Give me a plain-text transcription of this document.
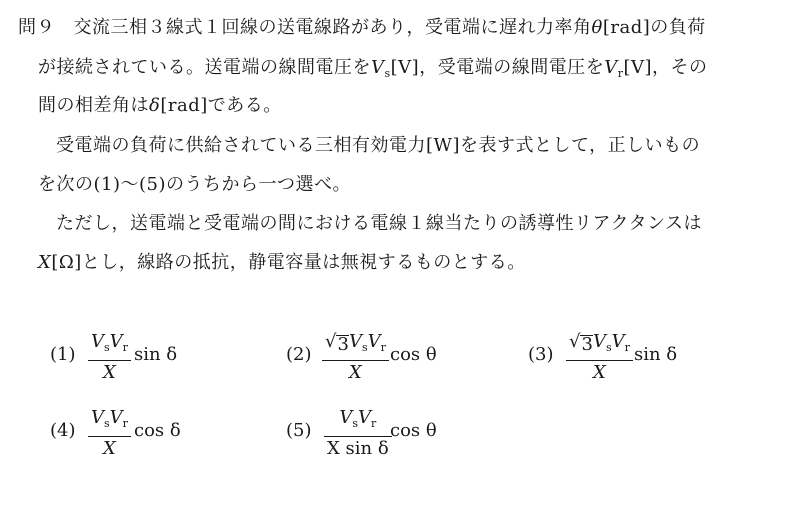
問９　交流三相３線式１回線の送電線路があり，受電端に遅れ力率角θ[rad]の負荷
が接続されている。送電端の線間電圧を$V_s[V]$，受電端の線間電圧を$V_r[V]$，その
間の相差角はδ[rad]である。
受電端の負荷に供給されている三相有効電力[W]を表す式として，正しいもの
を次の(1)～(5)のうちから一つ選べ。
ただし，送電端と受電端の間における電線１線当たりの誘導性リアクタンスは
X[Ω]とし，線路の抵抗，静電容量は無視するものとする。
(1)
$V_sV_r$
X
sin δ	(2)
√ 3 $V_sV_r$
X
cos θ	(3)
√ 3 $V_sV_r$
X
sin δ
(4)
$V_sV_r$
X
cos δ	(5)
$V_sV_r$
X sin δ
cos θ
